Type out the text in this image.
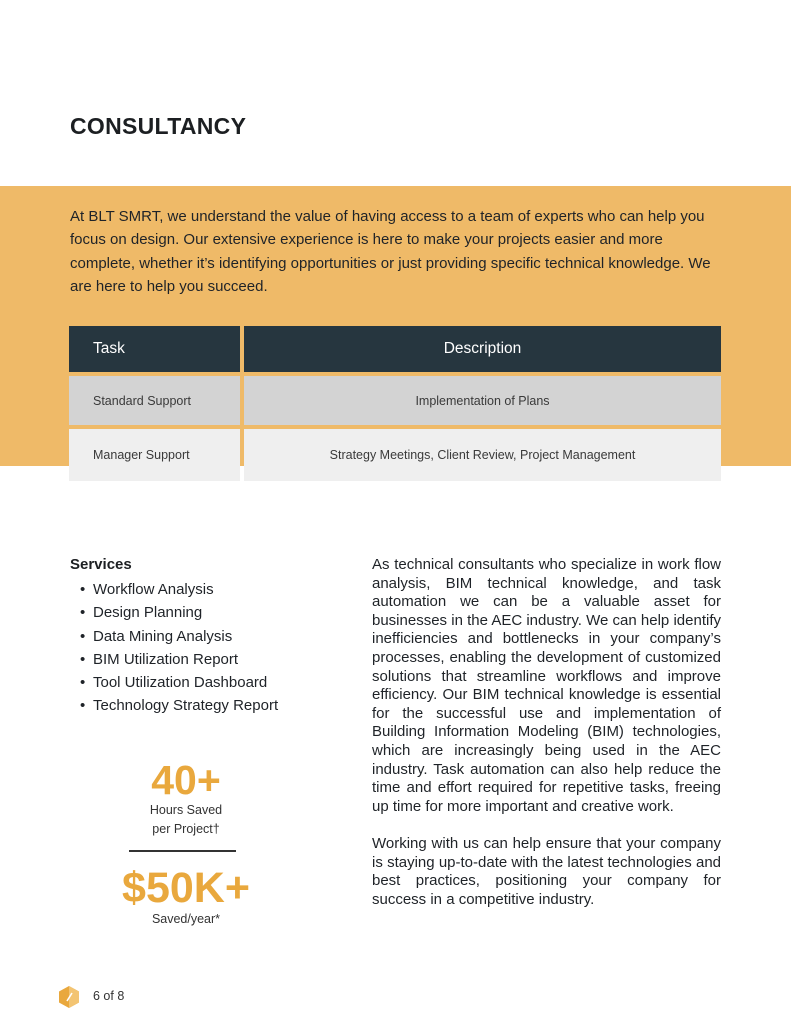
CONSULTANCY
At BLT SMRT, we understand the value of having access to a team of experts who can help you focus on design. Our extensive experience is here to make your projects easier and more complete, whether it’s identifying opportunities or just providing specific technical knowledge. We are here to help you succeed.
Task	Description
Standard Support	Implementation of Plans
Manager Support	Strategy Meetings, Client Review, Project Management
Services
• Workflow Analysis
• Design Planning
• Data Mining Analysis
• BIM Utilization Report
• Tool Utilization Dashboard
• Technology Strategy Report
40+
Hours Saved
per Project†
$50K+
Saved/year*

As technical consultants who specialize in work flow analysis, BIM technical knowledge, and task automation we can be a valuable asset for businesses in the AEC industry. We can help identify inefficiencies and bottlenecks in your company’s processes, enabling the development of customized solutions that streamline workflows and improve efficiency. Our BIM technical knowledge is essential for the successful use and implementation of Building Information Modeling (BIM) technologies, which are increasingly being used in the AEC industry. Task automation can also help reduce the time and effort required for repetitive tasks, freeing up time for more important and creative work.

Working with us can help ensure that your company is staying up-to-date with the latest technologies and best practices, positioning your company for success in a competitive industry.

6 of 8
